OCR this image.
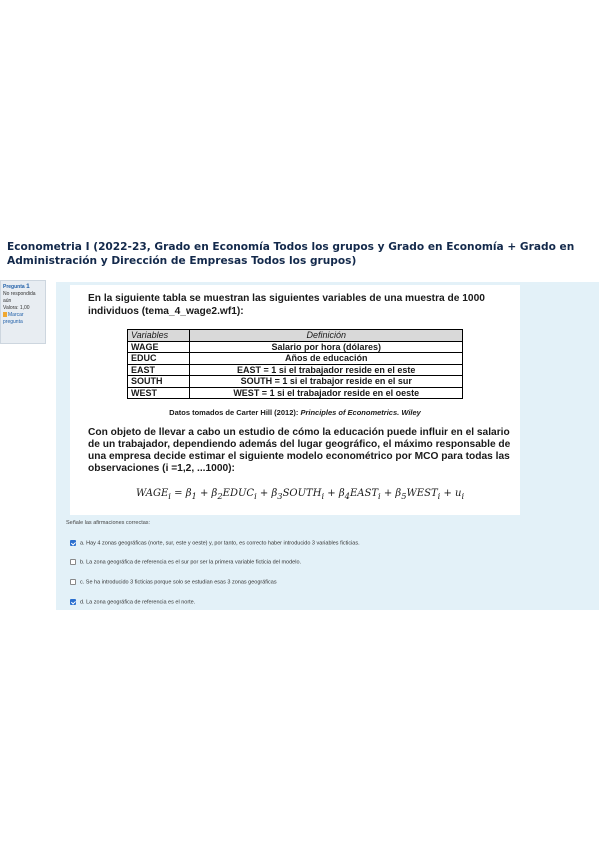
Econometria I (2022-23, Grado en Economía Todos los grupos y Grado en Economía + Grado en Administración y Dirección de Empresas Todos los grupos)
Pregunta 1
No respondida aún
Valora: 1,00
Marcar pregunta

En la siguiente tabla se muestran las siguientes variables de una muestra de 1000 individuos (tema_4_wage2.wf1):

Variables	Definición
WAGE	Salario por hora (dólares)
EDUC	Años de educación
EAST	EAST = 1 si el trabajador reside en el este
SOUTH	SOUTH = 1 si el trabajor reside en el sur
WEST	WEST = 1 si el trabajador reside en el oeste
Datos tomados de Carter Hill (2012): Principles of Econometrics. Wiley

Con objeto de llevar a cabo un estudio de cómo la educación puede influir en el salario de un trabajador, dependiendo además del lugar geográfico, el máximo responsable de una empresa decide estimar el siguiente modelo econométrico por MCO para todas las observaciones (i =1,2, ...1000):

$WAGE_i = \beta_1$ + $\beta_2EDUC_i$ + $\beta_3SOUTH_i$ + $\beta_4EAST_i$ + $\beta_5WEST_i + u_i$
Señale las afirmaciones correctas:
a. Hay 4 zonas geográficas (norte, sur, este y oeste) y, por tanto, es correcto haber introducido 3 variables ficticias.
b. La zona geográfica de referencia es el sur por ser la primera variable ficticia del modelo.
c. Se ha introducido 3 ficticias porque solo se estudian esas 3 zonas geográficas
d. La zona geográfica de referencia es el norte.
